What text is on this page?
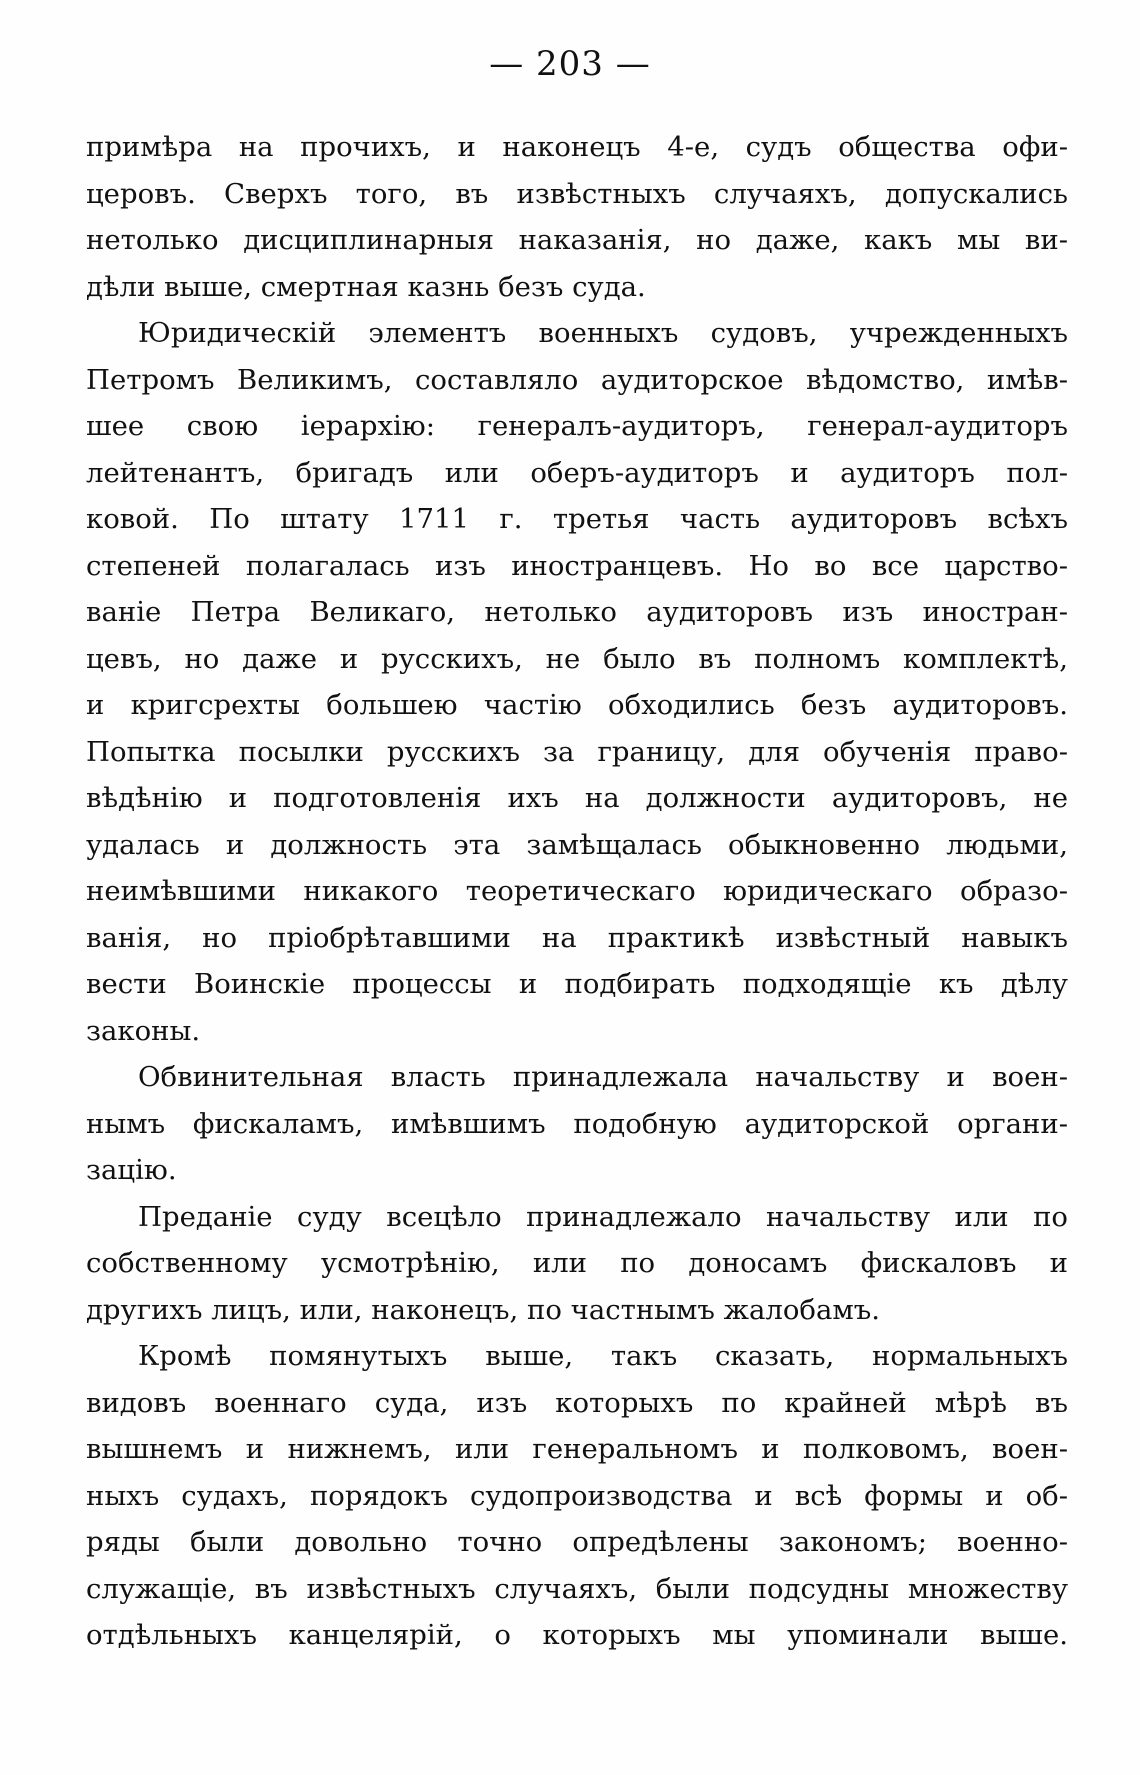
— 203 —
примѣра на прочихъ, и наконецъ 4-е, судъ общества офи-
церовъ. Сверхъ того, въ извѣстныхъ случаяхъ, допускались
нетолько дисциплинарныя наказанія, но даже, какъ мы ви-
дѣли выше, смертная казнь безъ суда.
Юридическій элементъ военныхъ судовъ, учрежденныхъ
Петромъ Великимъ, составляло аудиторское вѣдомство, имѣв-
шее свою іерархію: генералъ-аудиторъ, генерал-аудиторъ
лейтенантъ, бригадъ или оберъ-аудиторъ и аудиторъ пол-
ковой. По штату 1711 г. третья часть аудиторовъ всѣхъ
степеней полагалась изъ иностранцевъ. Но во все царство-
ваніе Петра Великаго, нетолько аудиторовъ изъ иностран-
цевъ, но даже и русскихъ, не было въ полномъ комплектѣ,
и кригсрехты большею частію обходились безъ аудиторовъ.
Попытка посылки русскихъ за границу, для обученія право-
вѣдѣнію и подготовленія ихъ на должности аудиторовъ, не
удалась и должность эта замѣщалась обыкновенно людьми,
неимѣвшими никакого теоретическаго юридическаго образо-
ванія, но пріобрѣтавшими на практикѣ извѣстный навыкъ
вести Воинскіе процессы и подбирать подходящіе къ дѣлу
законы.
Обвинительная власть принадлежала начальству и воен-
нымъ фискаламъ, имѣвшимъ подобную аудиторской органи-
зацію.
Преданіе суду всецѣло принадлежало начальству или по
собственному усмотрѣнію, или по доносамъ фискаловъ и
другихъ лицъ, или, наконецъ, по частнымъ жалобамъ.
Кромѣ помянутыхъ выше, такъ сказать, нормальныхъ
видовъ военнаго суда, изъ которыхъ по крайней мѣрѣ въ
вышнемъ и нижнемъ, или генеральномъ и полковомъ, воен-
ныхъ судахъ, порядокъ судопроизводства и всѣ формы и об-
ряды были довольно точно опредѣлены закономъ; военно-
служащіе, въ извѣстныхъ случаяхъ, были подсудны множеству
отдѣльныхъ канцелярій, о которыхъ мы упоминали выше.
